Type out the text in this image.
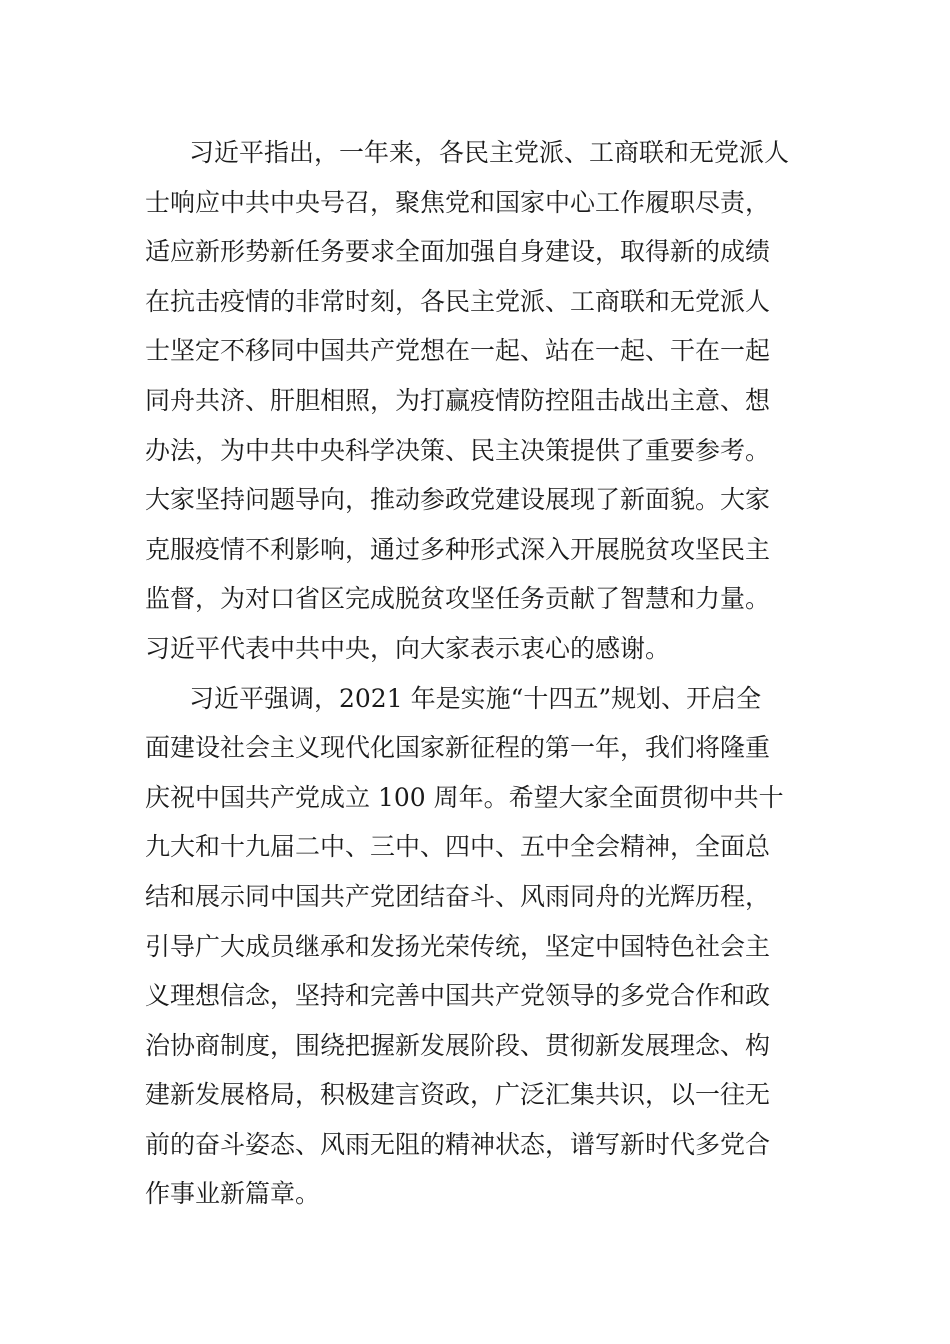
习近平指出，一年来，各民主党派、工商联和无党派人
士响应中共中央号召，聚焦党和国家中心工作履职尽责，
适应新形势新任务要求全面加强自身建设，取得新的成绩
在抗击疫情的非常时刻，各民主党派、工商联和无党派人
士坚定不移同中国共产党想在一起、站在一起、干在一起
同舟共济、肝胆相照，为打赢疫情防控阻击战出主意、想
办法，为中共中央科学决策、民主决策提供了重要参考。
大家坚持问题导向，推动参政党建设展现了新面貌。大家
克服疫情不利影响，通过多种形式深入开展脱贫攻坚民主
监督，为对口省区完成脱贫攻坚任务贡献了智慧和力量。
习近平代表中共中央，向大家表示衷心的感谢。
习近平强调，2021 年是实施“十四五”规划、开启全
面建设社会主义现代化国家新征程的第一年，我们将隆重
庆祝中国共产党成立 100 周年。希望大家全面贯彻中共十
九大和十九届二中、三中、四中、五中全会精神，全面总
结和展示同中国共产党团结奋斗、风雨同舟的光辉历程，
引导广大成员继承和发扬光荣传统，坚定中国特色社会主
义理想信念，坚持和完善中国共产党领导的多党合作和政
治协商制度，围绕把握新发展阶段、贯彻新发展理念、构
建新发展格局，积极建言资政，广泛汇集共识，以一往无
前的奋斗姿态、风雨无阻的精神状态，谱写新时代多党合
作事业新篇章。
